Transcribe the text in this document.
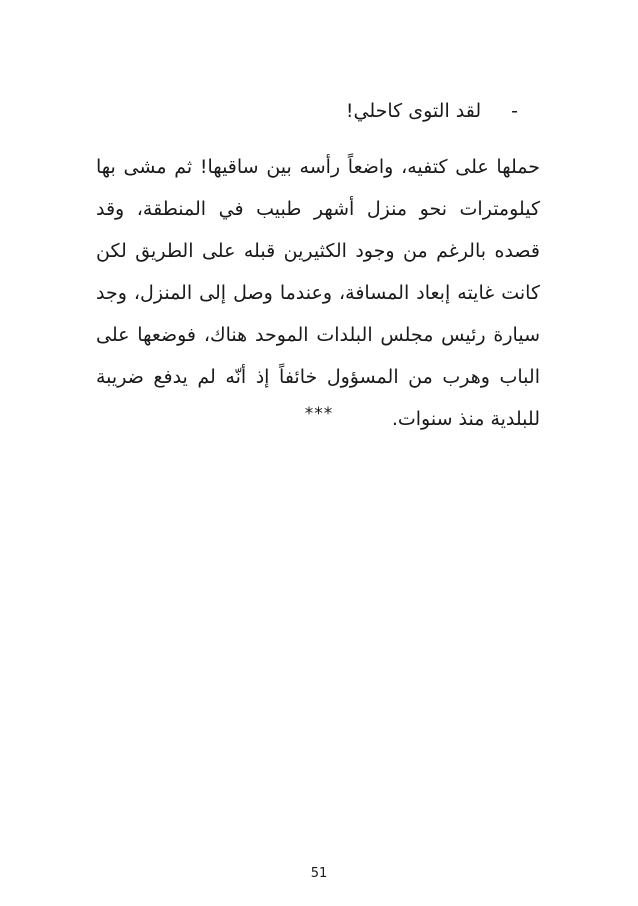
-لقد التوى كاحلي!
حملها على كتفيه، واضعاً رأسه بين ساقيها! ثم مشى بها كيلومترات نحو منزل أشهر طبيب في المنطقة، وقد قصده بالرغم من وجود الكثيرين قبله على الطريق لكن كانت غايته إبعاد المسافة، وعندما وصل إلى المنزل، وجد سيارة رئيس مجلس البلدات الموحد هناك، فوضعها على الباب وهرب من المسؤول خائفاً إذ أنّه لم يدفع ضريبة للبلدية منذ سنوات.
***
51
